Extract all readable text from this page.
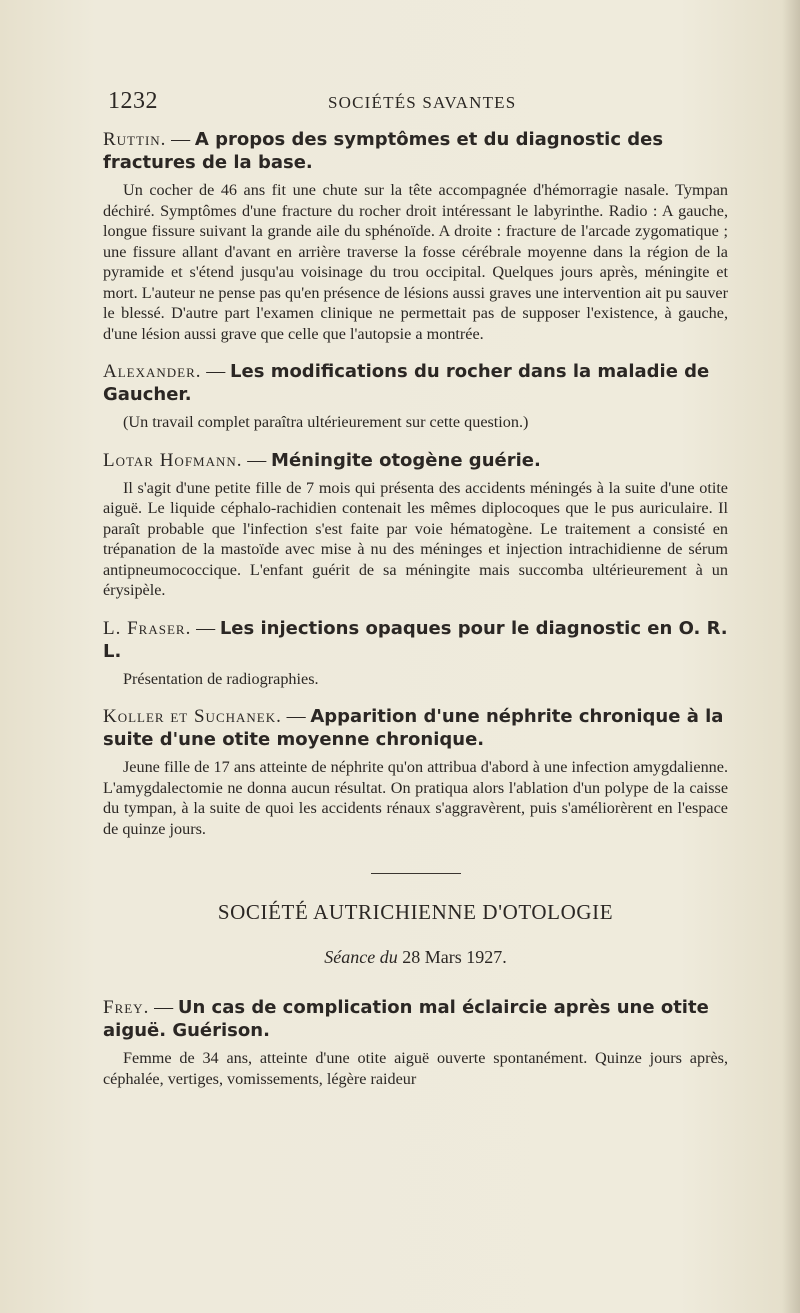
1232	SOCIÉTÉS SAVANTES

Ruttin. — A propos des symptômes et du diagnostic des fractures de la base.

Un cocher de 46 ans fit une chute sur la tête accompagnée d'hémorragie nasale. Tympan déchiré. Symptômes d'une fracture du rocher droit intéressant le labyrinthe. Radio : A gauche, longue fissure suivant la grande aile du sphénoïde. A droite : fracture de l'arcade zygomatique ; une fissure allant d'avant en arrière traverse la fosse cérébrale moyenne dans la région de la pyramide et s'étend jusqu'au voisinage du trou occipital. Quelques jours après, méningite et mort. L'auteur ne pense pas qu'en présence de lésions aussi graves une intervention ait pu sauver le blessé. D'autre part l'examen clinique ne permettait pas de supposer l'existence, à gauche, d'une lésion aussi grave que celle que l'autopsie a montrée.

Alexander. — Les modifications du rocher dans la maladie de Gaucher.

(Un travail complet paraîtra ultérieurement sur cette question.)

Lotar Hofmann. — Méningite otogène guérie.

Il s'agit d'une petite fille de 7 mois qui présenta des accidents méningés à la suite d'une otite aiguë. Le liquide céphalo-rachidien contenait les mêmes diplocoques que le pus auriculaire. Il paraît probable que l'infection s'est faite par voie hématogène. Le traitement a consisté en trépanation de la mastoïde avec mise à nu des méninges et injection intrachidienne de sérum antipneumococcique. L'enfant guérit de sa méningite mais succomba ultérieurement à un érysipèle.

L. Fraser. — Les injections opaques pour le diagnostic en O. R. L.

Présentation de radiographies.

Koller et Suchanek. — Apparition d'une néphrite chronique à la suite d'une otite moyenne chronique.

Jeune fille de 17 ans atteinte de néphrite qu'on attribua d'abord à une infection amygdalienne. L'amygdalectomie ne donna aucun résultat. On pratiqua alors l'ablation d'un polype de la caisse du tympan, à la suite de quoi les accidents rénaux s'aggravèrent, puis s'améliorèrent en l'espace de quinze jours.

SOCIÉTÉ AUTRICHIENNE D'OTOLOGIE

Séance du 28 Mars 1927.

Frey. — Un cas de complication mal éclaircie après une otite aiguë. Guérison.

Femme de 34 ans, atteinte d'une otite aiguë ouverte spontanément. Quinze jours après, céphalée, vertiges, vomissements, légère raideur
